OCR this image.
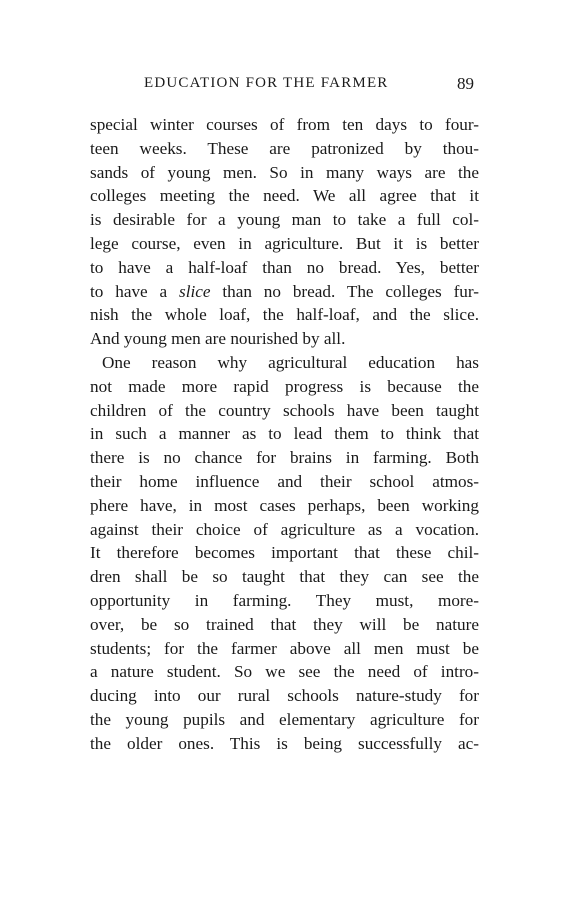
EDUCATION FOR THE FARMER	89
special winter courses of from ten days to four-
teen weeks. These are patronized by thou-
sands of young men. So in many ways are the
colleges meeting the need. We all agree that it
is desirable for a young man to take a full col-
lege course, even in agriculture. But it is better
to have a half-loaf than no bread. Yes, better
to have a slice than no bread. The colleges fur-
nish the whole loaf, the half-loaf, and the slice.
And young men are nourished by all.
One reason why agricultural education has
not made more rapid progress is because the
children of the country schools have been taught
in such a manner as to lead them to think that
there is no chance for brains in farming. Both
their home influence and their school atmos-
phere have, in most cases perhaps, been working
against their choice of agriculture as a vocation.
It therefore becomes important that these chil-
dren shall be so taught that they can see the
opportunity in farming. They must, more-
over, be so trained that they will be nature
students; for the farmer above all men must be
a nature student. So we see the need of intro-
ducing into our rural schools nature-study for
the young pupils and elementary agriculture for
the older ones. This is being successfully ac-
